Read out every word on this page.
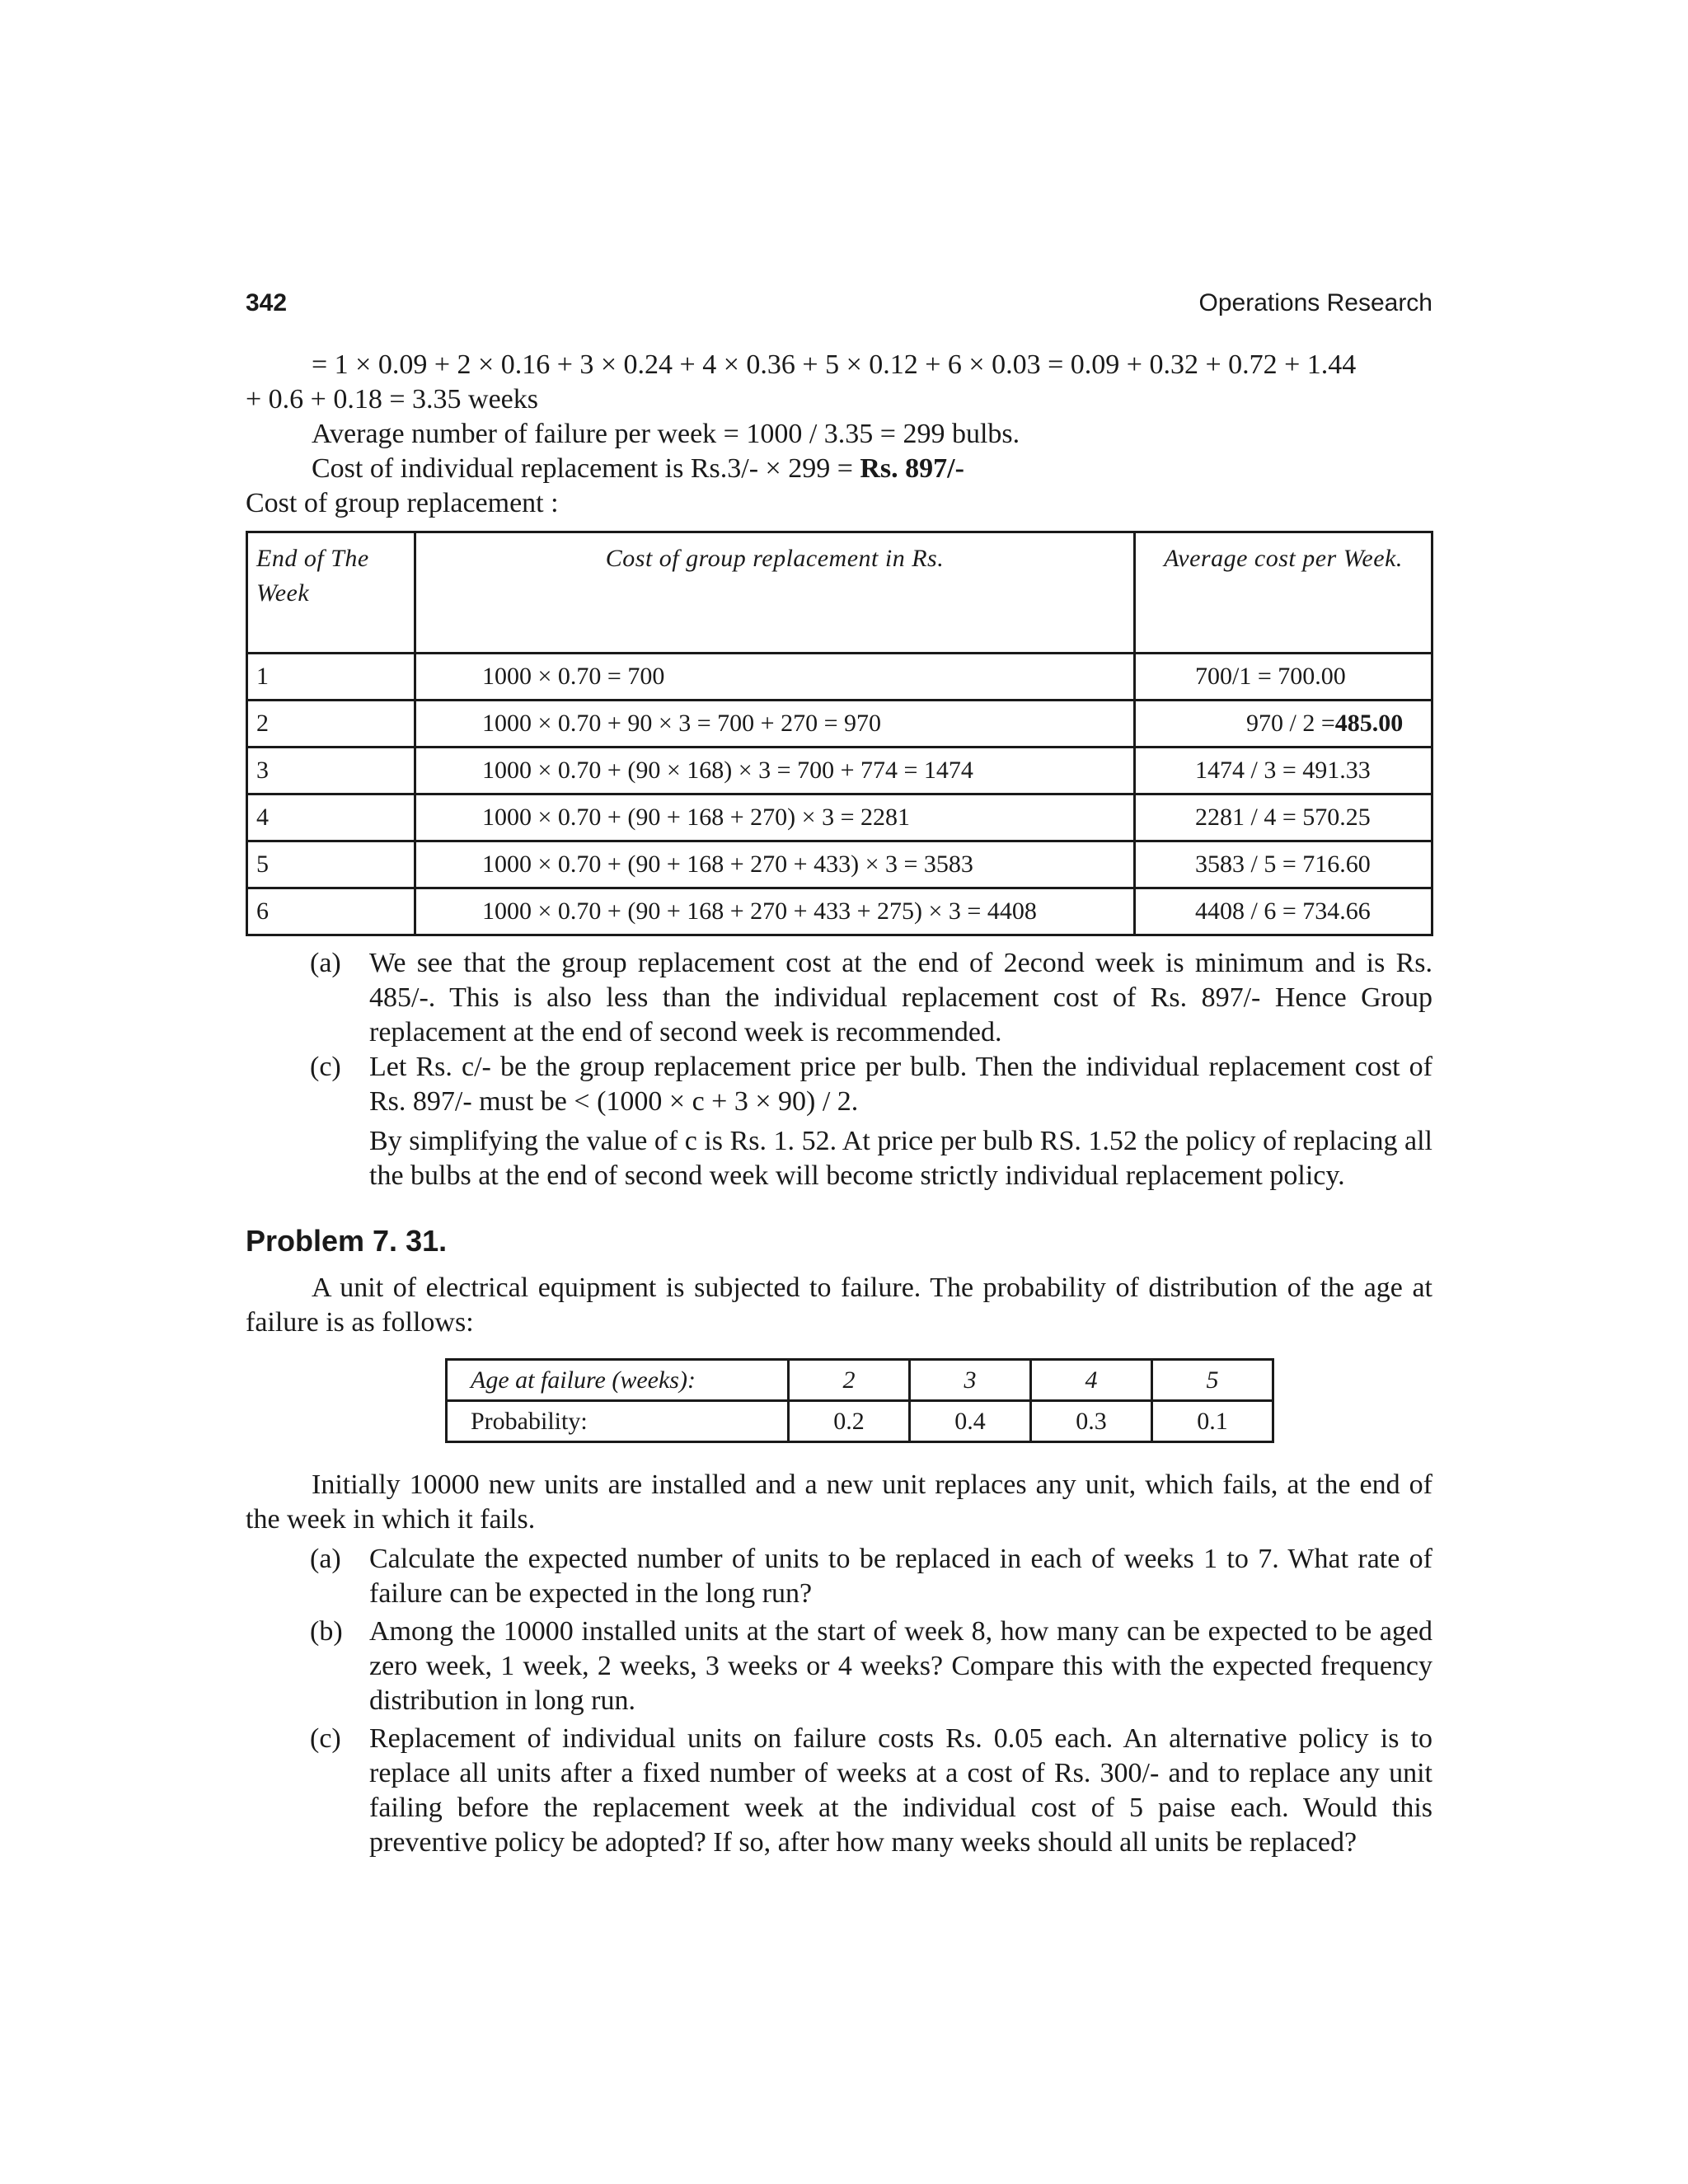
342	Operations Research

= 1 × 0.09 + 2 × 0.16 + 3 × 0.24 + 4 × 0.36 + 5 × 0.12 + 6 × 0.03 = 0.09 + 0.32 + 0.72 + 1.44

+ 0.6 + 0.18 = 3.35 weeks

Average number of failure per week = 1000 / 3.35 = 299 bulbs.

Cost of individual replacement is Rs.3/- × 299 = Rs. 897/-

Cost of group replacement :

End of The Week	Cost of group replacement in Rs.	Average cost per Week.
1	1000 × 0.70 = 700	700/1 = 700.00
2	1000 × 0.70 + 90 × 3 = 700 + 270 = 970	970 / 2 =485.00
3	1000 × 0.70 + (90 × 168) × 3 = 700 + 774 = 1474	1474 / 3 = 491.33
4	1000 × 0.70 + (90 + 168 + 270) × 3 = 2281	2281 / 4 = 570.25
5	1000 × 0.70 + (90 + 168 + 270 + 433) × 3 = 3583	3583 / 5 = 716.60
6	1000 × 0.70 + (90 + 168 + 270 + 433 + 275) × 3 = 4408	4408 / 6 = 734.66
(a)	We see that the group replacement cost at the end of 2econd week is minimum and is Rs. 485/-. This is also less than the individual replacement cost of Rs. 897/- Hence Group replacement at the end of second week is recommended.

(c)	Let Rs. c/- be the group replacement price per bulb. Then the individual replacement cost of Rs. 897/- must be < (1000 × c + 3 × 90) / 2.

By simplifying the value of c is Rs. 1. 52. At price per bulb RS. 1.52 the policy of replacing all the bulbs at the end of second week will become strictly individual replacement policy.

Problem 7. 31.

A unit of electrical equipment is subjected to failure. The probability of distribution of the age at failure is as follows:

Age at failure (weeks):	2	3	4	5
Probability:	0.2	0.4	0.3	0.1

Initially 10000 new units are installed and a new unit replaces any unit, which fails, at the end of the week in which it fails.

(a)	Calculate the expected number of units to be replaced in each of weeks 1 to 7. What rate of failure can be expected in the long run?

(b) Among the 10000 installed units at the start of week 8, how many can be expected to be aged zero week, 1 week, 2 weeks, 3 weeks or 4 weeks? Compare this with the expected frequency distribution in long run.

(c)	Replacement of individual units on failure costs Rs. 0.05 each. An alternative policy is to replace all units after a fixed number of weeks at a cost of Rs. 300/- and to replace any unit failing before the replacement week at the individual cost of 5 paise each. Would this preventive policy be adopted? If so, after how many weeks should all units be replaced?
